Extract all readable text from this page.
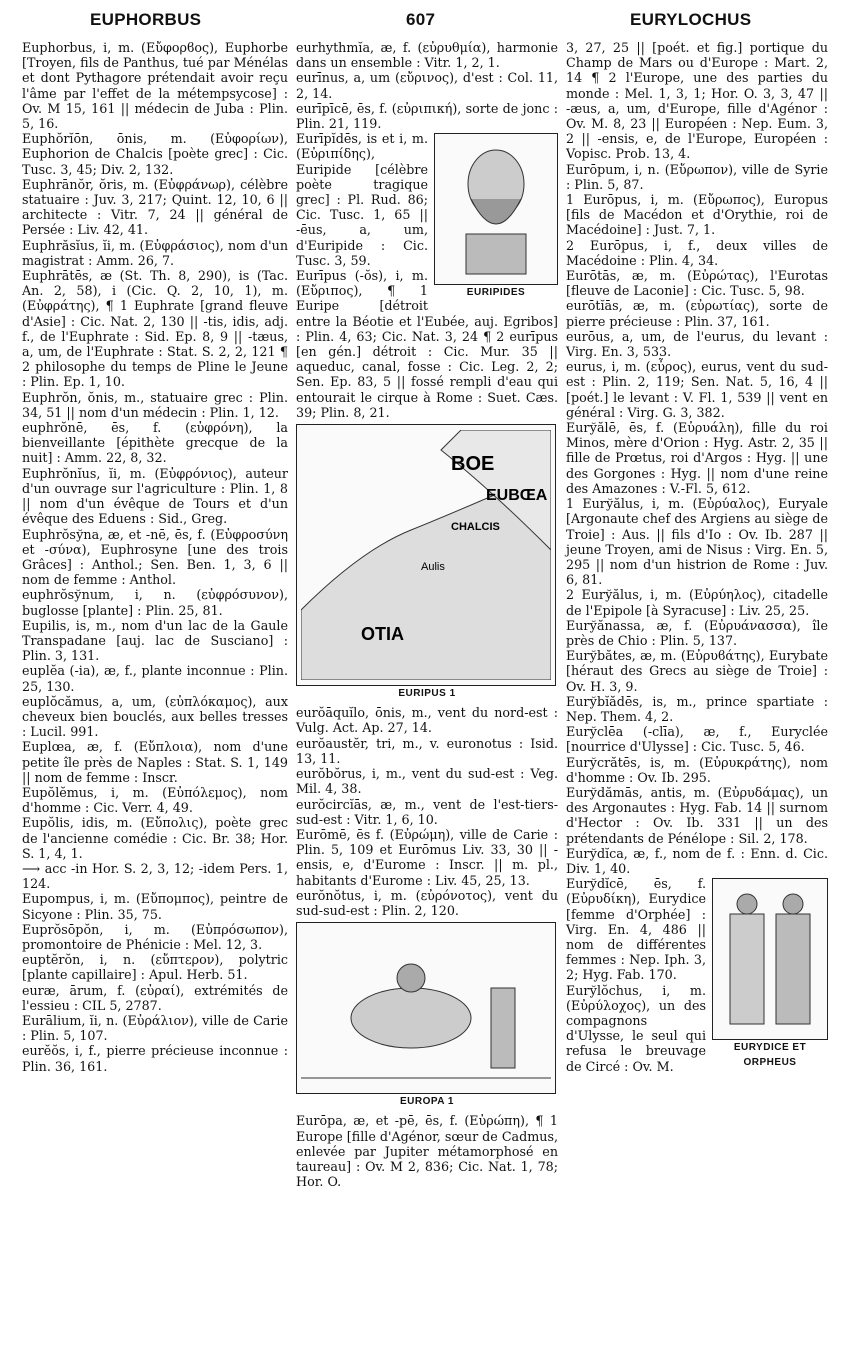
EUPHORBUS	607	EURYLOCHUS

Euphorbus, i, m. (Εὔφορϐος), Euphorbe [Troyen, fils de Panthus, tué par Ménélas et dont Pythagore prétendait avoir reçu l'âme par l'effet de la métempsycose] : Ov. M 15, 161 || médecin de Juba : Plin. 5, 16.

Euphŏrĭōn, ōnis, m. (Εὐφορίων), Euphorion de Chalcis [poète grec] : Cic. Tusc. 3, 45; Div. 2, 132.

Euphrānŏr, ŏris, m. (Εὐφράνωρ), célèbre statuaire : Juv. 3, 217; Quint. 12, 10, 6 || architecte : Vitr. 7, 24 || général de Persée : Liv. 42, 41.

Euphrăsĭus, ĭi, m. (Εὐφράσιος), nom d'un magistrat : Amm. 26, 7.

Euphrātēs, æ (St. Th. 8, 290), is (Tac. An. 2, 58), i (Cic. Q. 2, 10, 1), m. (Εὐφράτης), ¶ 1 Euphrate [grand fleuve d'Asie] : Cic. Nat. 2, 130 || -tis, idis, adj. f., de l'Euphrate : Sid. Ep. 8, 9 || -tæus, a, um, de l'Euphrate : Stat. S. 2, 2, 121 ¶ 2 philosophe du temps de Pline le Jeune : Plin. Ep. 1, 10.

Euphrŏn, ŏnis, m., statuaire grec : Plin. 34, 51 || nom d'un médecin : Plin. 1, 12.

euphrŏnē, ēs, f. (εὐφρόνη), la bienveillante [épithète grecque de la nuit] : Amm. 22, 8, 32.

Euphrŏnĭus, ĭi, m. (Εὐφρόνιος), auteur d'un ouvrage sur l'agriculture : Plin. 1, 8 || nom d'un évêque de Tours et d'un évêque des Eduens : Sid., Greg.

Euphrŏsўna, æ, et -nē, ēs, f. (Εὐφροσύνη et -σύνα), Euphrosyne [une des trois Grâces] : Anthol.; Sen. Ben. 1, 3, 6 || nom de femme : Anthol.

euphrŏsўnum, i, n. (εὐφρόσυνον), buglosse [plante] : Plin. 25, 81.

Eupilis, is, m., nom d'un lac de la Gaule Transpadane [auj. lac de Susciano] : Plin. 3, 131.

euplĕa (-ia), æ, f., plante inconnue : Plin. 25, 130.

euplŏcămus, a, um, (εὐπλόκαμος), aux cheveux bien bouclés, aux belles tresses : Lucil. 991.

Euplœa, æ, f. (Εὔπλοια), nom d'une petite île près de Naples : Stat. S. 1, 149 || nom de femme : Inscr.

Eupŏlĕmus, i, m. (Εὐπόλεμος), nom d'homme : Cic. Verr. 4, 49.

Eupŏlis, idis, m. (Εὔπολις), poète grec de l'ancienne comédie : Cic. Br. 38; Hor. S. 1, 4, 1.

⟶ acc -in Hor. S. 2, 3, 12; -idem Pers. 1, 124.

Eupompus, i, m. (Εὔπομπος), peintre de Sicyone : Plin. 35, 75.

Euprŏsōpŏn, i, m. (Εὐπρόσωπον), promontoire de Phénicie : Mel. 12, 3.

euptĕrŏn, i, n. (εὔπτερον), polytric [plante capillaire] : Apul. Herb. 51.

euræ, ārum, f. (εὐραί), extrémités de l'essieu : CIL 5, 2787.

Eurālium, ĭi, n. (Εὐράλιον), ville de Carie : Plin. 5, 107.

eurĕŏs, i, f., pierre précieuse inconnue : Plin. 36, 161.

eurhythmĭa, æ, f. (εὐρυθμία), harmonie dans un ensemble : Vitr. 1, 2, 1.

eurīnus, a, um (εὔρινος), d'est : Col. 11, 2, 14.

eurīpīcē, ēs, f. (εὐριπική), sorte de jonc : Plin. 21, 119.

EURIPIDES

Eurīpĭdēs, is et i, m. (Εὐριπίδης), Euripide [célèbre poète tragique grec] : Pl. Rud. 86; Cic. Tusc. 1, 65 || -ēus, a, um, d'Euripide : Cic. Tusc. 3, 59.

Eurīpus (-ŏs), i, m. (Εὔριπος), ¶ 1 Euripe [détroit entre la Béotie et l'Eubée, auj. Egribos] : Plin. 4, 63; Cic. Nat. 3, 24 ¶ 2 eurīpus [en gén.] détroit : Cic. Mur. 35 || aqueduc, canal, fosse : Cic. Leg. 2, 2; Sen. Ep. 83, 5 || fossé rempli d'eau qui entourait le cirque à Rome : Suet. Cæs. 39; Plin. 8, 21.

CHALCIS
EUBŒA
Aulis
OTIA
BOE
EURIPUS 1

eurŏāquĭlo, ōnis, m., vent du nord-est : Vulg. Act. Ap. 27, 14.

eurŏaustĕr, tri, m., v. euronotus : Isid. 13, 11.

eurŏbŏrus, i, m., vent du sud-est : Veg. Mil. 4, 38.

eurŏcircĭās, æ, m., vent de l'est-tiers-sud-est : Vitr. 1, 6, 10.

Eurōmē, ēs f. (Εὐρώμη), ville de Carie : Plin. 5, 109 et Eurōmus Liv. 33, 30 || -ensis, e, d'Eurome : Inscr. || m. pl., habitants d'Eurome : Liv. 45, 25, 13.

eurŏnŏtus, i, m. (εὐρόνοτος), vent du sud-sud-est : Plin. 2, 120.

EUROPA 1

Eurōpa, æ, et -pē, ēs, f. (Εὐρώπη), ¶ 1 Europe [fille d'Agénor, sœur de Cadmus, enlevée par Jupiter métamorphosé en taureau] : Ov. M 2, 836; Cic. Nat. 1, 78; Hor. O.

3, 27, 25 || [poét. et fig.] portique du Champ de Mars ou d'Europe : Mart. 2, 14 ¶ 2 l'Europe, une des parties du monde : Mel. 1, 3, 1; Hor. O. 3, 3, 47 || -æus, a, um, d'Europe, fille d'Agénor : Ov. M. 8, 23 || Européen : Nep. Eum. 3, 2 || -ensis, e, de l'Europe, Européen : Vopisc. Prob. 13, 4.

Eurōpum, i, n. (Εὔρωπον), ville de Syrie : Plin. 5, 87.

1 Eurōpus, i, m. (Εὔρωπος), Europus [fils de Macédon et d'Orythie, roi de Macédoine] : Just. 7, 1.

2 Eurōpus, i, f., deux villes de Macédoine : Plin. 4, 34.

Eurōtās, æ, m. (Εὐρώτας), l'Eurotas [fleuve de Laconie] : Cic. Tusc. 5, 98.

eurōtĭās, æ, m. (εὐρωτίας), sorte de pierre précieuse : Plin. 37, 161.

eurōus, a, um, de l'eurus, du levant : Virg. En. 3, 533.

eurus, i, m. (εὖρος), eurus, vent du sud-est : Plin. 2, 119; Sen. Nat. 5, 16, 4 || [poét.] le levant : V. Fl. 1, 539 || vent en général : Virg. G. 3, 382.

Eurўălē, ēs, f. (Εὐρυάλη), fille du roi Minos, mère d'Orion : Hyg. Astr. 2, 35 || fille de Prœtus, roi d'Argos : Hyg. || une des Gorgones : Hyg. || nom d'une reine des Amazones : V.-Fl. 5, 612.

1 Eurўălus, i, m. (Εὐρύαλος), Euryale [Argonaute chef des Argiens au siège de Troie] : Aus. || fils d'Io : Ov. Ib. 287 || jeune Troyen, ami de Nisus : Virg. En. 5, 295 || nom d'un histrion de Rome : Juv. 6, 81.

2 Eurўălus, i, m. (Εὐρύηλος), citadelle de l'Epipole [à Syracuse] : Liv. 25, 25.

Eurўănassa, æ, f. (Εὐρυάνασσα), île près de Chio : Plin. 5, 137.

Eurўbătes, æ, m. (Εὐρυϐάτης), Eurybate [héraut des Grecs au siège de Troie] : Ov. H. 3, 9.

Eurўbĭădēs, is, m., prince spartiate : Nep. Them. 4, 2.

Eurўclēa (-clīa), æ, f., Euryclée [nourrice d'Ulysse] : Cic. Tusc. 5, 46.

Eurўcrătēs, is, m. (Εὐρυκράτης), nom d'homme : Ov. Ib. 295.

Eurўdămās, antis, m. (Εὐρυδάμας), un des Argonautes : Hyg. Fab. 14 || surnom d'Hector : Ov. Ib. 331 || un des prétendants de Pénélope : Sil. 2, 178.

Eurўdĭca, æ, f., nom de f. : Enn. d. Cic. Div. 1, 40.

EURYDICE ET ORPHEUS

Eurўdĭcē, ēs, f. (Εὐρυδίκη), Eurydice [femme d'Orphée] : Virg. En. 4, 486 || nom de différentes femmes : Nep. Iph. 3, 2; Hyg. Fab. 170.

Eurўlŏchus, i, m. (Εὐρύλοχος), un des compagnons d'Ulysse, le seul qui refusa le breuvage de Circé : Ov. M.
